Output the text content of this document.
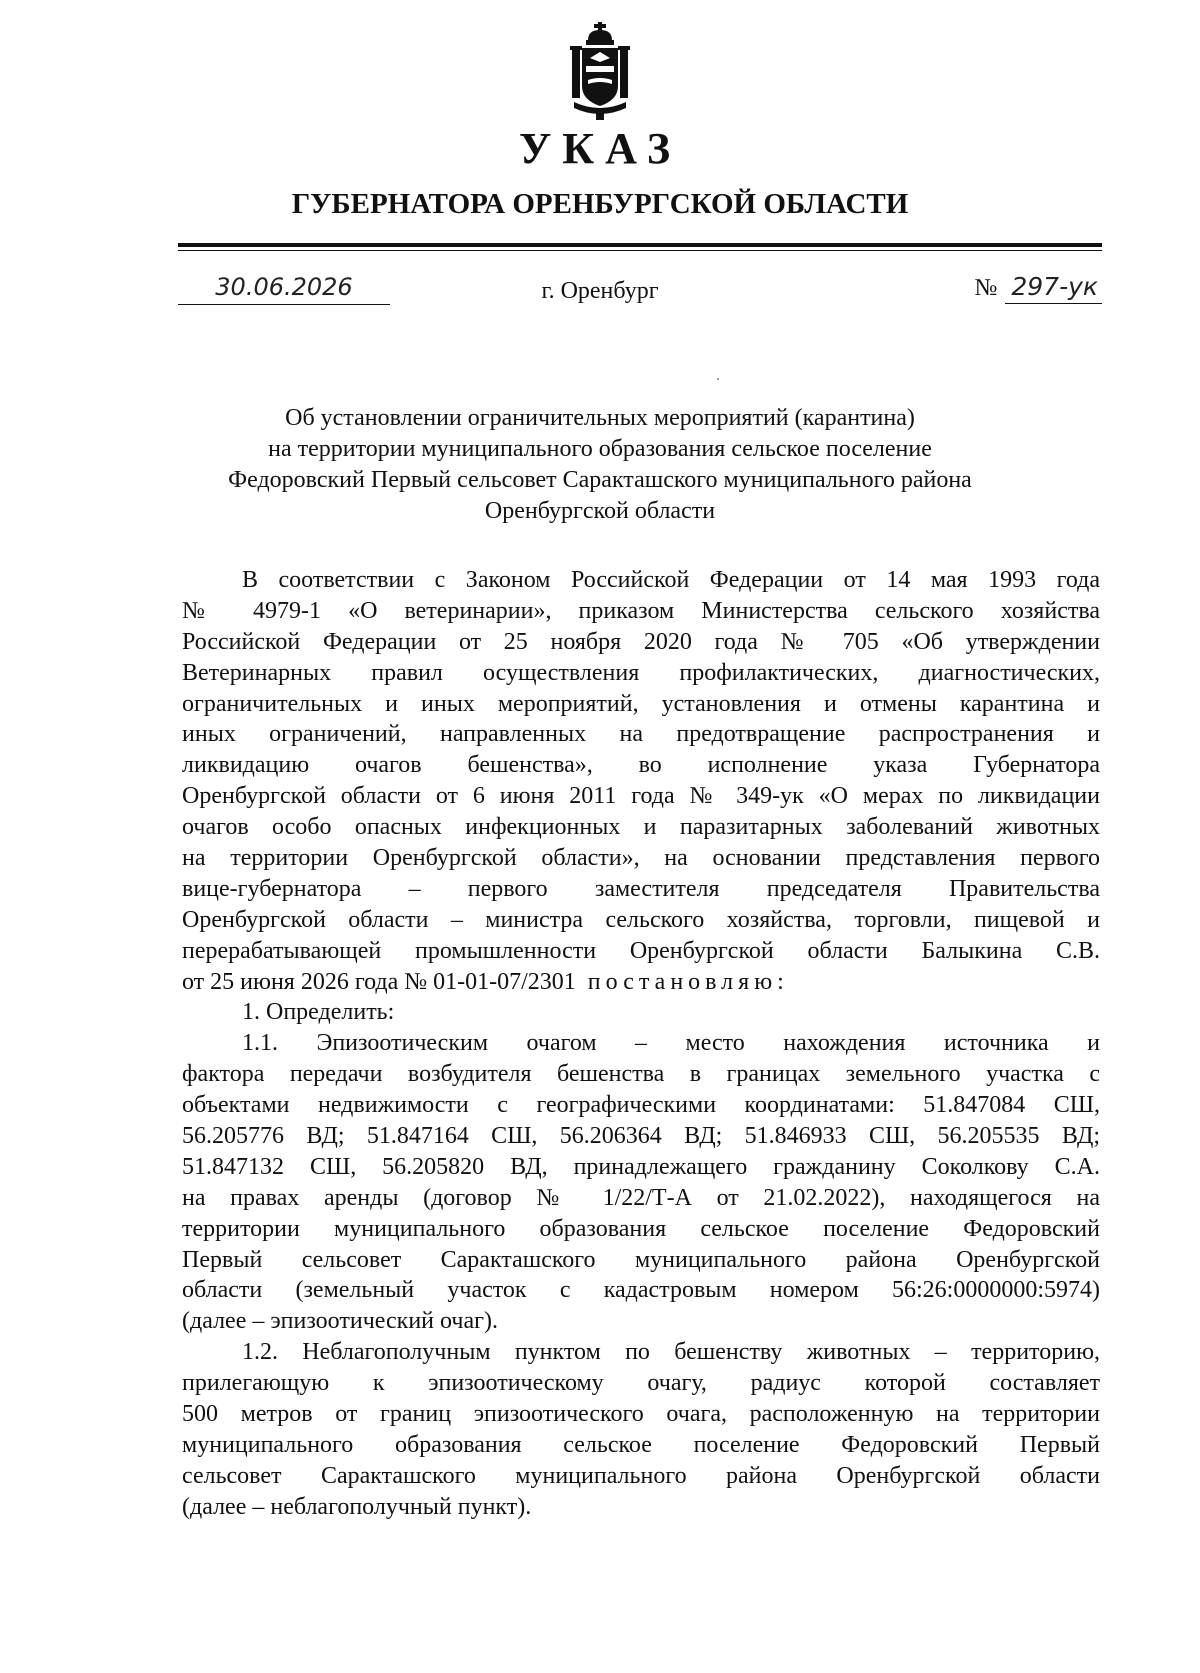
УКАЗ
ГУБЕРНАТОРА ОРЕНБУРГСКОЙ ОБЛАСТИ
30.06.2026	г. Оренбург	№ 297-ук
Об установлении ограничительных мероприятий (карантина)
на территории муниципального образования сельское поселение
Федоровский Первый сельсовет Саракташского муниципального района
Оренбургской области
В соответствии с Законом Российской Федерации от 14 мая 1993 года
№ 4979-1 «О ветеринарии», приказом Министерства сельского хозяйства
Российской Федерации от 25 ноября 2020 года № 705 «Об утверждении
Ветеринарных правил осуществления профилактических, диагностических,
ограничительных и иных мероприятий, установления и отмены карантина и
иных ограничений, направленных на предотвращение распространения и
ликвидацию очагов бешенства», во исполнение указа Губернатора
Оренбургской области от 6 июня 2011 года № 349-ук «О мерах по ликвидации
очагов особо опасных инфекционных и паразитарных заболеваний животных
на территории Оренбургской области», на основании представления первого
вице-губернатора – первого заместителя председателя Правительства
Оренбургской области – министра сельского хозяйства, торговли, пищевой и
перерабатывающей промышленности Оренбургской области Балыкина С.В.
от 25 июня 2026 года № 01-01-07/2301 постановляю:
1. Определить:
1.1. Эпизоотическим очагом – место нахождения источника и
фактора передачи возбудителя бешенства в границах земельного участка с
объектами недвижимости с географическими координатами: 51.847084 СШ,
56.205776 ВД; 51.847164 СШ, 56.206364 ВД; 51.846933 СШ, 56.205535 ВД;
51.847132 СШ, 56.205820 ВД, принадлежащего гражданину Соколкову С.А.
на правах аренды (договор № 1/22/Т-А от 21.02.2022), находящегося на
территории муниципального образования сельское поселение Федоровский
Первый сельсовет Саракташского муниципального района Оренбургской
области (земельный участок с кадастровым номером 56:26:0000000:5974)
(далее – эпизоотический очаг).
1.2. Неблагополучным пунктом по бешенству животных – территорию,
прилегающую к эпизоотическому очагу, радиус которой составляет
500 метров от границ эпизоотического очага, расположенную на территории
муниципального образования сельское поселение Федоровский Первый
сельсовет Саракташского муниципального района Оренбургской области
(далее – неблагополучный пункт).
